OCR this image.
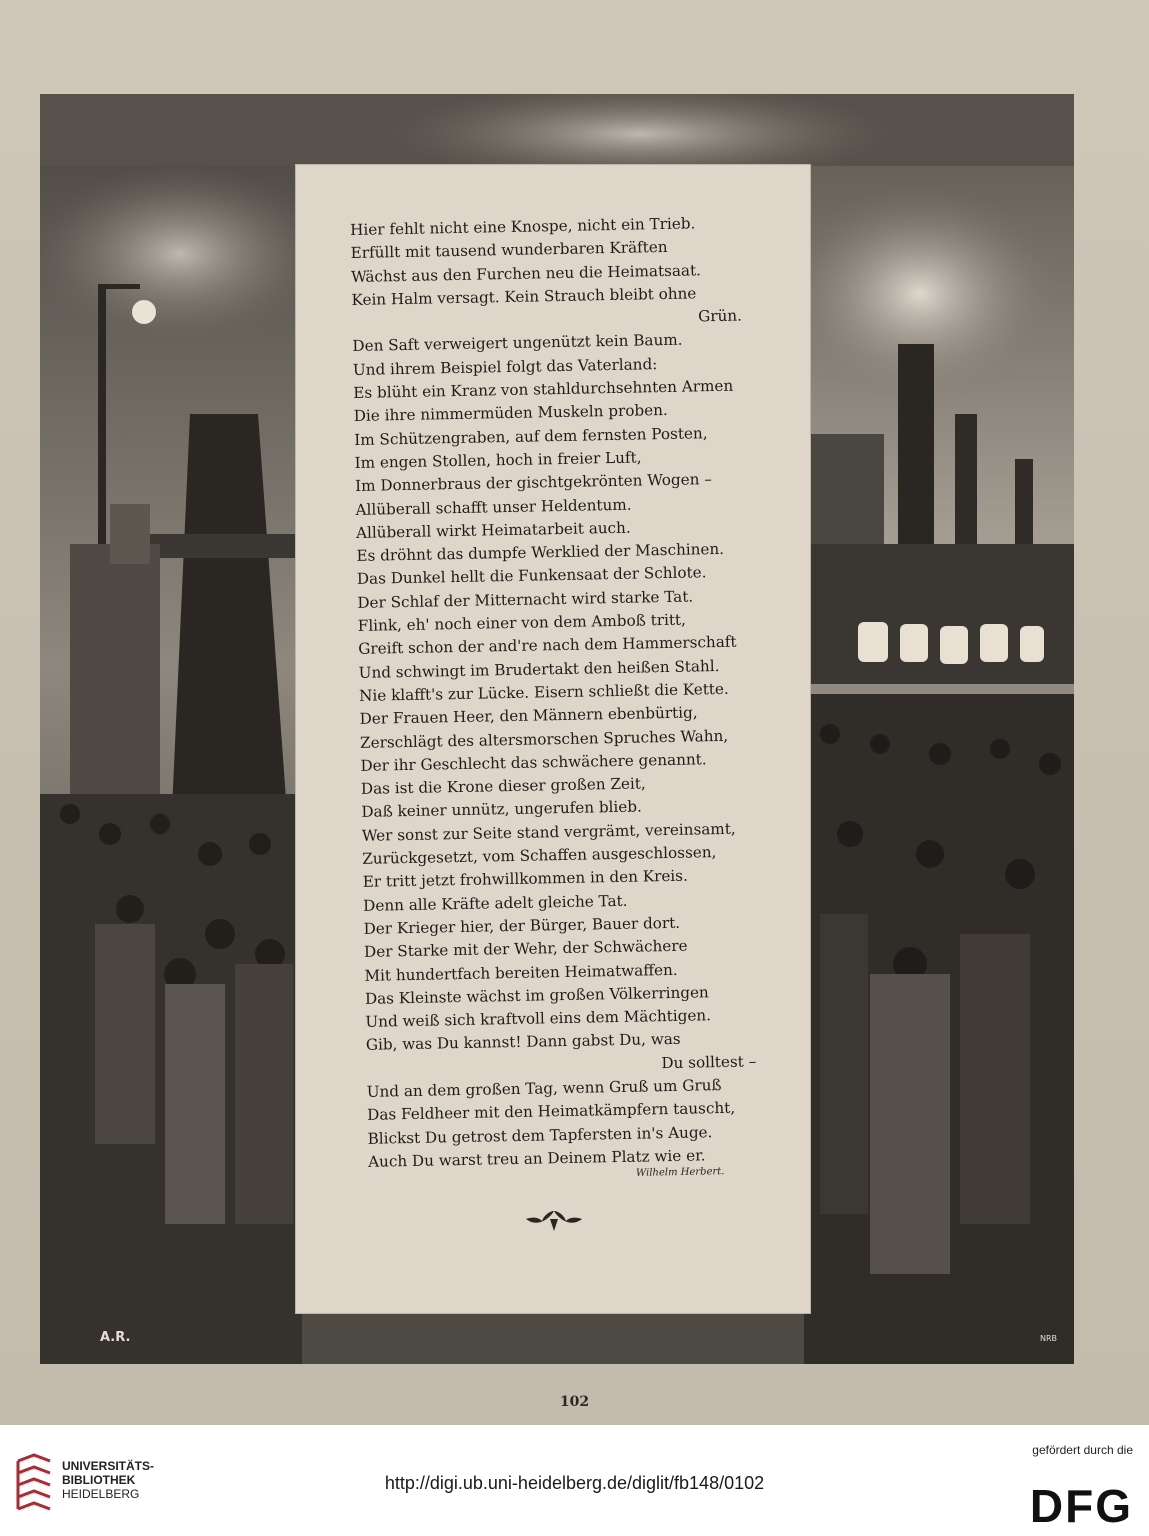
A.R.	NRB
Hier fehlt nicht eine Knospe, nicht ein Trieb.
Erfüllt mit tausend wunderbaren Kräften
Wächst aus den Furchen neu die Heimatsaat.
Kein Halm versagt. Kein Strauch bleibt ohne
Grün.
Den Saft verweigert ungenützt kein Baum.
Und ihrem Beispiel folgt das Vaterland:
Es blüht ein Kranz von stahldurchsehnten Armen
Die ihre nimmermüden Muskeln proben.
Im Schützengraben, auf dem fernsten Posten,
Im engen Stollen, hoch in freier Luft,
Im Donnerbraus der gischtgekrönten Wogen –
Allüberall schafft unser Heldentum.
Allüberall wirkt Heimatarbeit auch.
Es dröhnt das dumpfe Werklied der Maschinen.
Das Dunkel hellt die Funkensaat der Schlote.
Der Schlaf der Mitternacht wird starke Tat.
Flink, eh' noch einer von dem Amboß tritt,
Greift schon der and're nach dem Hammerschaft
Und schwingt im Brudertakt den heißen Stahl.
Nie klafft's zur Lücke. Eisern schließt die Kette.
Der Frauen Heer, den Männern ebenbürtig,
Zerschlägt des altersmorschen Spruches Wahn,
Der ihr Geschlecht das schwächere genannt.
Das ist die Krone dieser großen Zeit,
Daß keiner unnütz, ungerufen blieb.
Wer sonst zur Seite stand vergrämt, vereinsamt,
Zurückgesetzt, vom Schaffen ausgeschlossen,
Er tritt jetzt frohwillkommen in den Kreis.
Denn alle Kräfte adelt gleiche Tat.
Der Krieger hier, der Bürger, Bauer dort.
Der Starke mit der Wehr, der Schwächere
Mit hundertfach bereiten Heimatwaffen.
Das Kleinste wächst im großen Völkerringen
Und weiß sich kraftvoll eins dem Mächtigen.
Gib, was Du kannst! Dann gabst Du, was
Du solltest –
Und an dem großen Tag, wenn Gruß um Gruß
Das Feldheer mit den Heimatkämpfern tauscht,
Blickst Du getrost dem Tapfersten in's Auge.
Auch Du warst treu an Deinem Platz wie er.
Wilhelm Herbert.
102
UNIVERSITÄTS-
BIBLIOTHEK
HEIDELBERG
http://digi.ub.uni-heidelberg.de/diglit/fb148/0102
gefördert durch die
DFG
